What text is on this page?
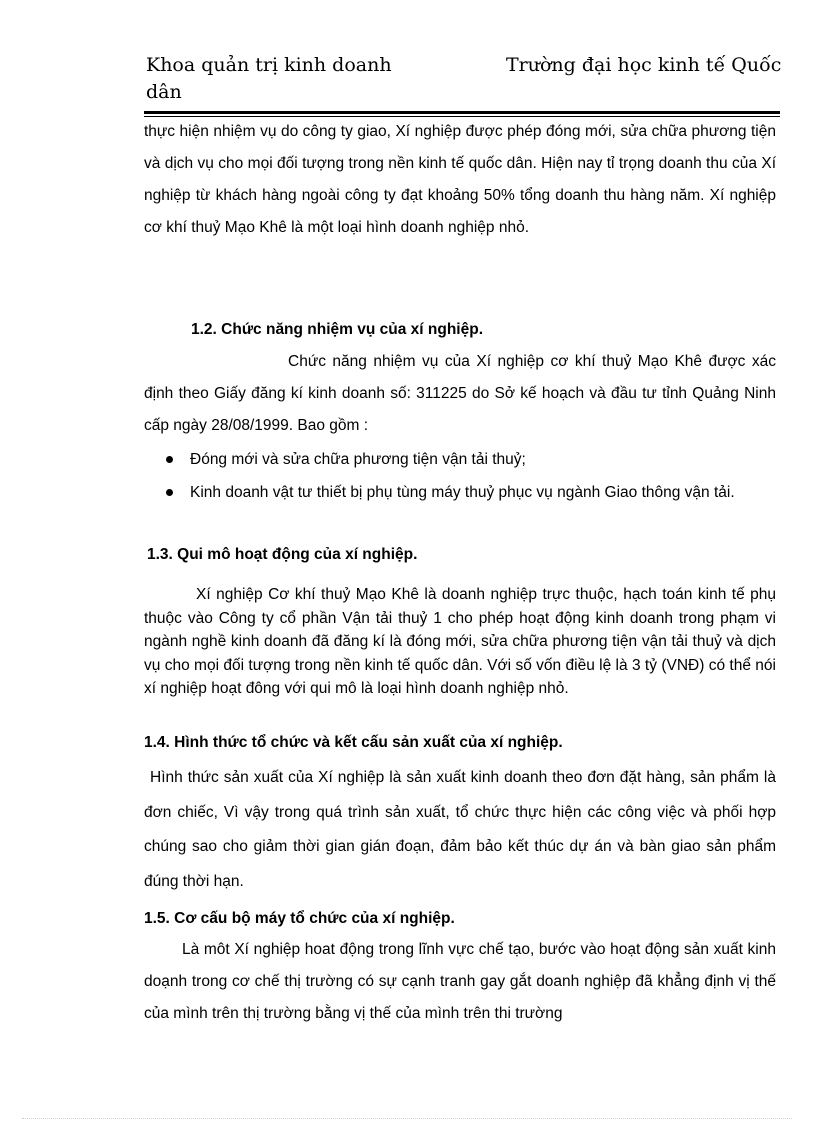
Khoa quản trị kinh doanh	Trường đại học kinh tế Quốc
dân
thực hiện nhiệm vụ do công ty giao, Xí nghiệp được phép đóng mới, sửa chữa phương tiện và dịch vụ cho mọi đối tượng trong nền kinh tế quốc dân. Hiện nay tỉ trọng doanh thu của Xí nghiệp từ khách hàng ngoài công ty đạt khoảng 50% tổng doanh thu hàng năm. Xí nghiệp cơ khí thuỷ Mạo Khê là một loại hình doanh nghiệp nhỏ.
1.2. Chức năng nhiệm vụ của xí nghiệp.
Chức năng nhiệm vụ của Xí nghiệp cơ khí thuỷ Mạo Khê được xác định theo Giấy đăng kí kinh doanh số: 311225 do Sở kế hoạch và đầu tư tỉnh Quảng Ninh cấp ngày 28/08/1999. Bao gồm :
Đóng mới và sửa chữa phương tiện vận tải thuỷ;
Kinh doanh vật tư thiết bị phụ tùng máy thuỷ phục vụ ngành Giao thông vận tải.
1.3. Qui mô hoạt động của xí nghiệp.
Xí nghiệp Cơ khí thuỷ Mạo Khê là doanh nghiệp trực thuộc, hạch toán kinh tế phụ thuộc vào Công ty cổ phần Vận tải thuỷ 1 cho phép hoạt động kinh doanh trong phạm vi ngành nghề kinh doanh đã đăng kí là đóng mới, sửa chữa phương tiện vận tải thuỷ và dịch vụ cho mọi đối tượng trong nền kinh tế quốc dân. Với số vốn điều lệ là 3 tỷ (VNĐ) có thể nói xí nghiệp hoạt đông với qui mô là loại hình doanh nghiệp nhỏ.
1.4. Hình thức tổ chức và kết cấu sản xuất của xí nghiệp.
Hình thức sản xuất của Xí nghiệp là sản xuất kinh doanh theo đơn đặt hàng, sản phẩm là đơn chiếc, Vì vậy trong quá trình sản xuất, tổ chức thực hiện các công việc và phối hợp chúng sao cho giảm thời gian gián đoạn, đảm bảo kết thúc dự án và bàn giao sản phẩm đúng thời hạn.
1.5. Cơ cấu bộ máy tổ chức của xí nghiệp.
Là môt Xí nghiệp hoat động trong lĩnh vực chế tạo, bước vào hoạt động sản xuất kinh doạnh trong cơ chế thị trường có sự cạnh tranh gay gắt doanh nghiệp đã khẳng định vị thế của mình trên thị trường bằng vị thế của mình trên thi trường
